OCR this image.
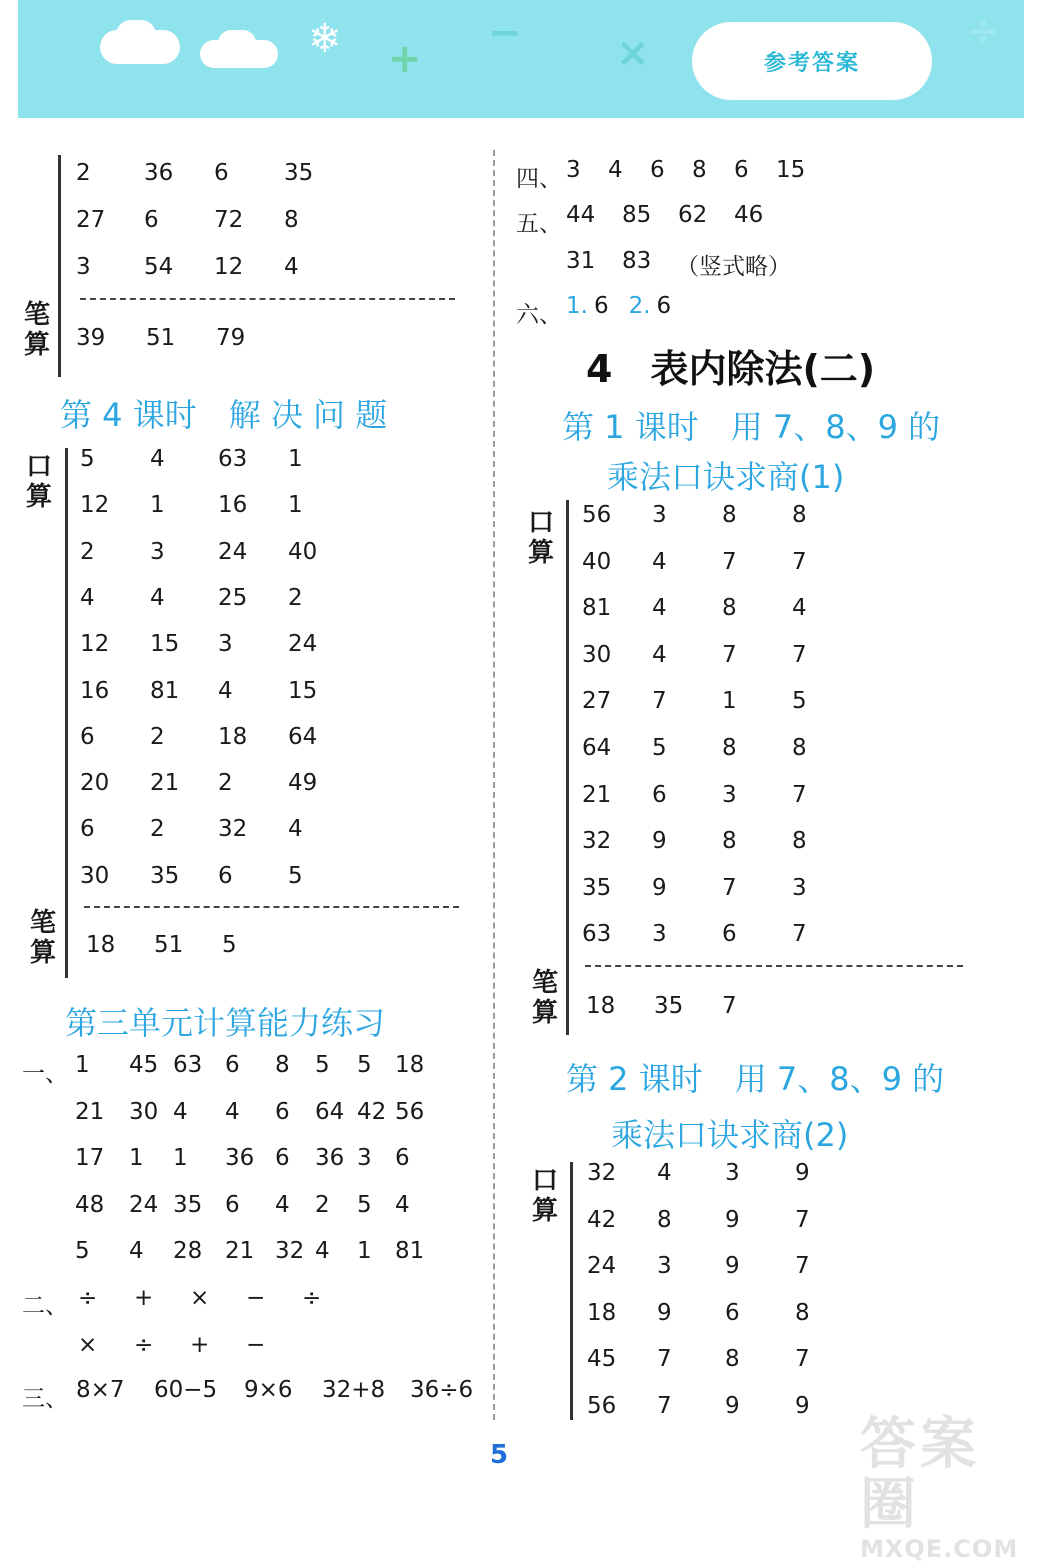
❄ +
− ×	÷
参考答案
2 36 6 35
27 6 72 8
3 54 12 4
笔算 39 51 79
第 4 课时　解 决 问 题
口算
5 4 63 1
12 1 16 1
2 3 24 40
4 4 25 2
12 15 3 24
16 81 4 15
6 2 18 64
20 21 2 49
6 2 32 4
30 35 6 5
笔算 18 51 5
第三单元计算能力练习
一、 1 45 63 6 8 5 5 18
21 30 4 4 6 64 42 56
17 1 1 36 6 36 3 6
48 24 35 6 4 2 5 4
5 4 28 21 32 4 1 81
二、 ÷ + × − ÷
× ÷ + −
三、 8×7 60−5 9×6 32+8 36÷6
四、 3 4 6 8 6 15
五、 44 85 62 46
31 83 （竖式略）
六、 1. 6 2. 6
4　表内除法(二)
第 1 课时　用 7、8、9 的
乘法口诀求商(1)
口算
56 3 8 8
40 4 7 7
81 4 8 4
30 4 7 7
27 7 1 5
64 5 8 8
21 6 3 7
32 9 8 8
35 9 7 3
63 3 6 7
笔算 18 35 7
第 2 课时　用 7、8、9 的
乘法口诀求商(2)
口算
32 4 3 9
42 8 9 7
24 3 9 7
18 9 6 8
45 7 8 7
56 7 9 9
5	答案圈
MXQE.COM
